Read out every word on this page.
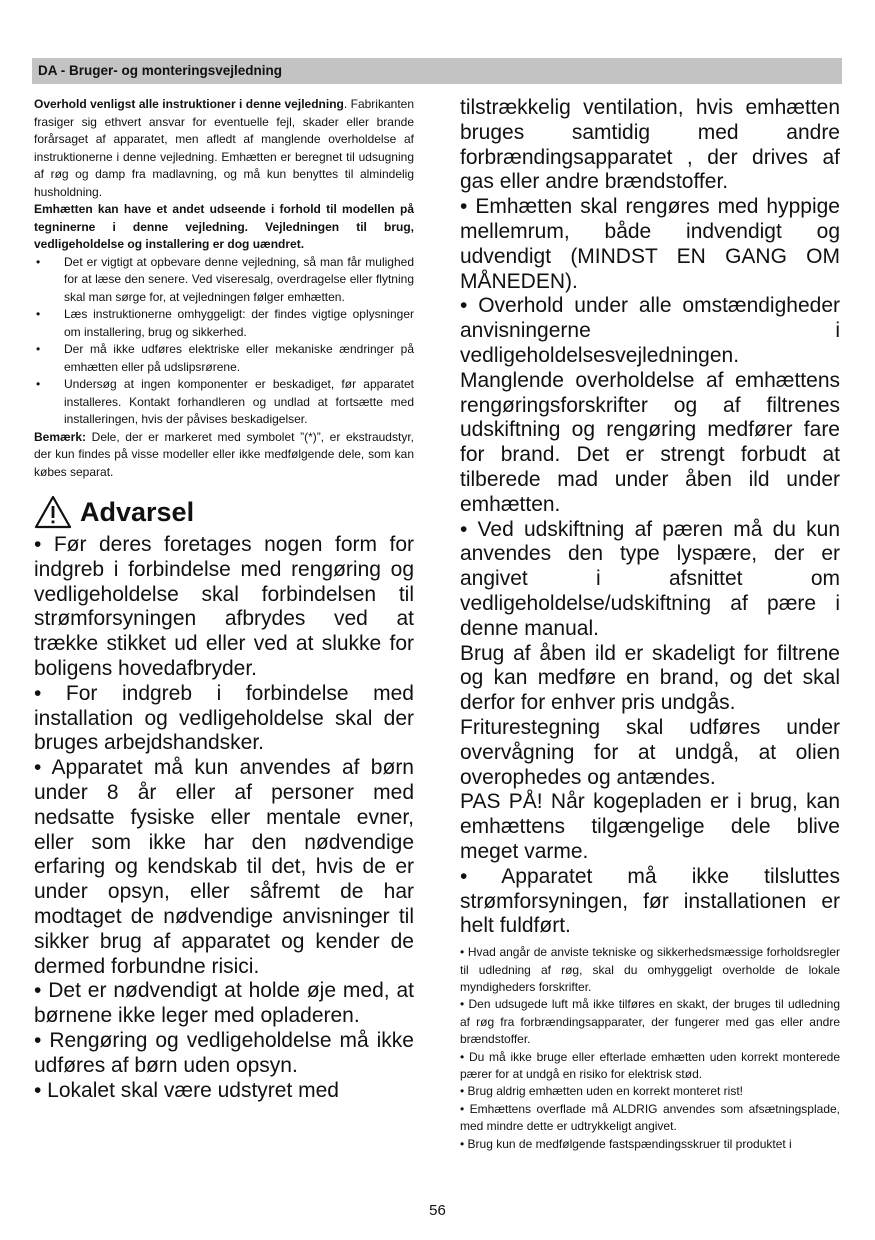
DA - Bruger- og monteringsvejledning

Overhold venligst alle instruktioner i denne vejledning. Fabrikanten frasiger sig ethvert ansvar for eventuelle fejl, skader eller brande forårsaget af apparatet, men afledt af manglende overholdelse af instruktionerne i denne vejledning. Emhætten er beregnet til udsugning af røg og damp fra madlavning, og må kun benyttes til almindelig husholdning.

Emhætten kan have et andet udseende i forhold til modellen på tegninerne i denne vejledning. Vejledningen til brug, vedligeholdelse og installering er dog uændret.

• Det er vigtigt at opbevare denne vejledning, så man får mulighed for at læse den senere. Ved viseresalg, overdragelse eller flytning skal man sørge for, at vejledningen følger emhætten.
• Læs instruktionerne omhyggeligt: der findes vigtige oplysninger om installering, brug og sikkerhed.
• Der må ikke udføres elektriske eller mekaniske ændringer på emhætten eller på udslipsrørene.
• Undersøg at ingen komponenter er beskadiget, før apparatet installeres. Kontakt forhandleren og undlad at fortsætte med installeringen, hvis der påvises beskadigelser.

Bemærk: Dele, der er markeret med symbolet ”(*)”, er ekstraudstyr, der kun findes på visse modeller eller ikke medfølgende dele, som kan købes separat.

Advarsel

• Før deres foretages nogen form for indgreb i forbindelse med rengøring og vedligeholdelse skal forbindelsen til strømforsyningen afbrydes ved at trække stikket ud eller ved at slukke for boligens hovedafbryder.

• For indgreb i forbindelse med installation og vedligeholdelse skal der bruges arbejdshandsker.

• Apparatet må kun anvendes af børn under 8 år eller af personer med nedsatte fysiske eller mentale evner, eller som ikke har den nødvendige erfaring og kendskab til det, hvis de er under opsyn, eller såfremt de har modtaget de nødvendige anvisninger til sikker brug af apparatet og kender de dermed forbundne risici.

• Det er nødvendigt at holde øje med, at børnene ikke leger med opladeren.

• Rengøring og vedligeholdelse må ikke udføres af børn uden opsyn.

• Lokalet skal være udstyret med

tilstrækkelig ventilation, hvis emhætten bruges samtidig med andre forbrændingsapparatet , der drives af gas eller andre brændstoffer.

• Emhætten skal rengøres med hyppige mellemrum, både indvendigt og udvendigt (MINDST EN GANG OM MÅNEDEN).

• Overhold under alle omstændigheder anvisningerne i vedligeholdelsesvejledningen.

Manglende overholdelse af emhættens rengøringsforskrifter og af filtrenes udskiftning og rengøring medfører fare for brand. Det er strengt forbudt at tilberede mad under åben ild under emhætten.

• Ved udskiftning af pæren må du kun anvendes den type lyspære, der er angivet i afsnittet om vedligeholdelse/udskiftning af pære i denne manual.

Brug af åben ild er skadeligt for filtrene og kan medføre en brand, og det skal derfor for enhver pris undgås.

Friturestegning skal udføres under overvågning for at undgå, at olien overophedes og antændes.

PAS PÅ! Når kogepladen er i brug, kan emhættens tilgængelige dele blive meget varme.

• Apparatet må ikke tilsluttes strømforsyningen, før installationen er helt fuldført.

• Hvad angår de anviste tekniske og sikkerhedsmæssige forholdsregler til udledning af røg, skal du omhyggeligt overholde de lokale myndigheders forskrifter.

• Den udsugede luft må ikke tilføres en skakt, der bruges til udledning af røg fra forbrændingsapparater, der fungerer med gas eller andre brændstoffer.

• Du må ikke bruge eller efterlade emhætten uden korrekt monterede pærer for at undgå en risiko for elektrisk stød.

• Brug aldrig emhætten uden en korrekt monteret rist!

• Emhættens overflade må ALDRIG anvendes som afsætningsplade, med mindre dette er udtrykkeligt angivet.

• Brug kun de medfølgende fastspændingsskruer til produktet i

56
